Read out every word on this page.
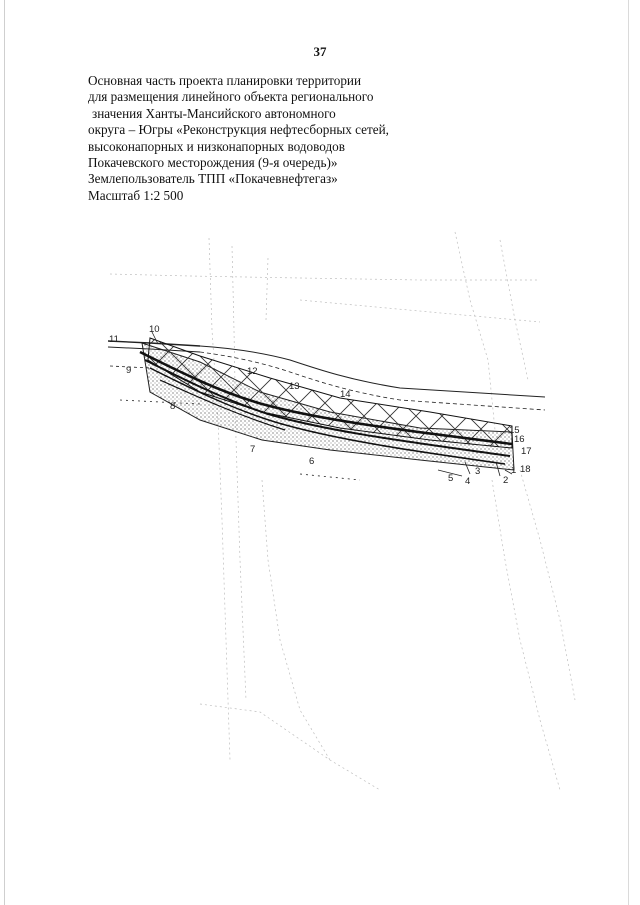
37
Основная часть проекта планировки территории
для размещения линейного объекта регионального
значения Ханты-Мансийского автономного
округа – Югры «Реконструкция нефтесборных сетей,
высоконапорных и низконапорных водоводов
Покачевского месторождения (9-я очередь)»
Землепользователь ТПП «Покачевнефтегаз»
Масштаб 1:2 500
1
2
3
4
5
6
7
8
9
10
11
12
13
14
15
16
17
18
